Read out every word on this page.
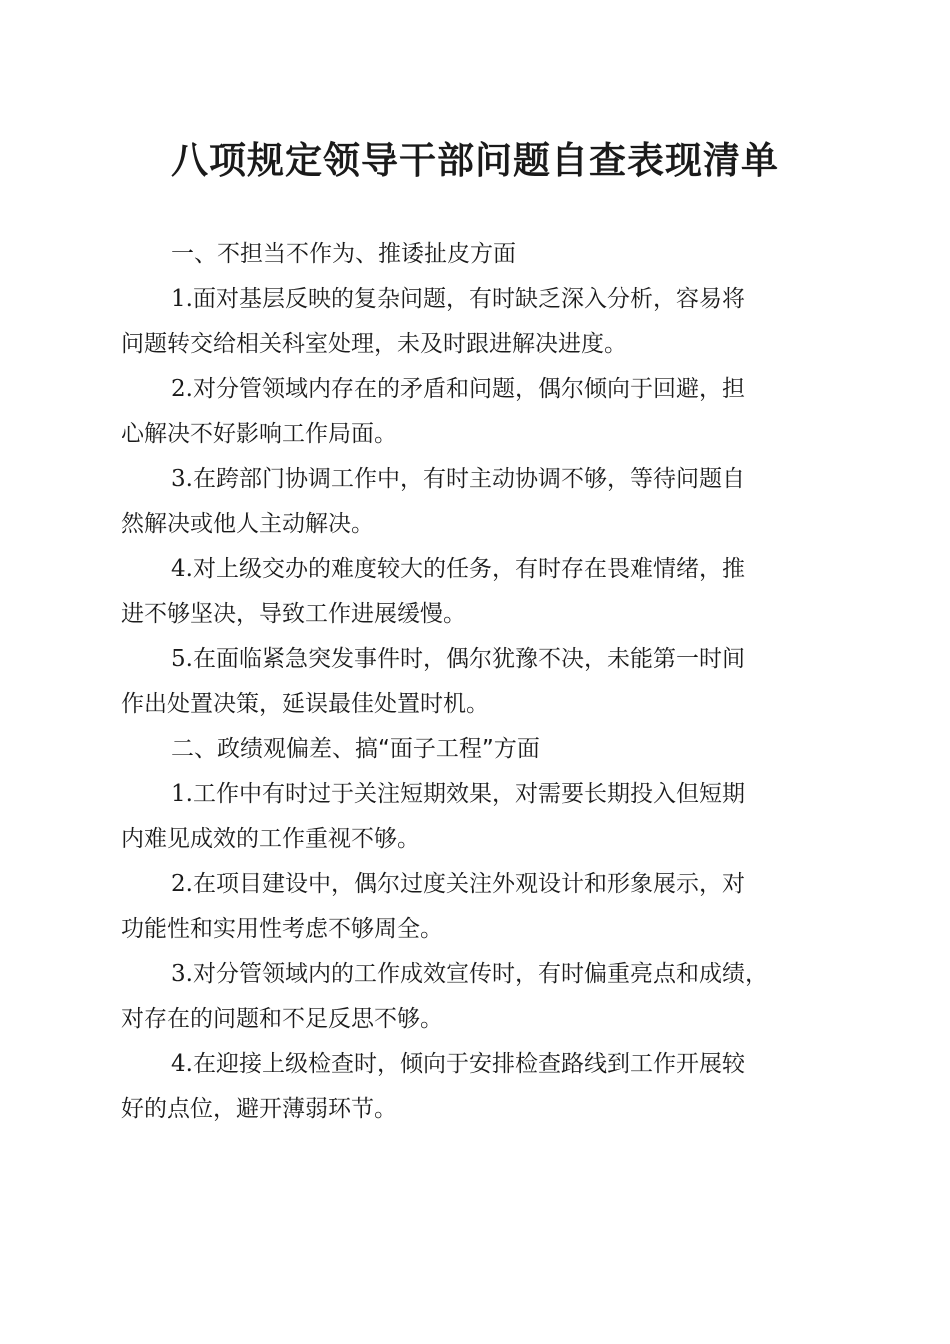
八项规定领导干部问题自查表现清单

一、不担当不作为、推诿扯皮方面

1.面对基层反映的复杂问题，有时缺乏深入分析，容易将
问题转交给相关科室处理，未及时跟进解决进度。

2.对分管领域内存在的矛盾和问题，偶尔倾向于回避，担
心解决不好影响工作局面。

3.在跨部门协调工作中，有时主动协调不够，等待问题自
然解决或他人主动解决。

4.对上级交办的难度较大的任务，有时存在畏难情绪，推
进不够坚决，导致工作进展缓慢。

5.在面临紧急突发事件时，偶尔犹豫不决，未能第一时间
作出处置决策，延误最佳处置时机。

二、政绩观偏差、搞“面子工程”方面

1.工作中有时过于关注短期效果，对需要长期投入但短期
内难见成效的工作重视不够。

2.在项目建设中，偶尔过度关注外观设计和形象展示，对
功能性和实用性考虑不够周全。

3.对分管领域内的工作成效宣传时，有时偏重亮点和成绩，
对存在的问题和不足反思不够。

4.在迎接上级检查时，倾向于安排检查路线到工作开展较
好的点位，避开薄弱环节。
